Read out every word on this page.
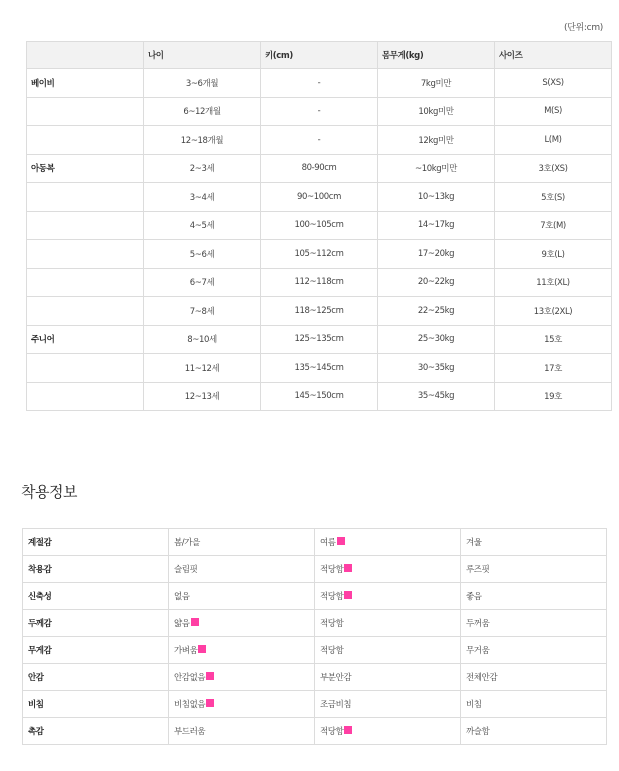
(단위:cm)
	나이	키(cm)	몸무게(kg)	사이즈
베이비	3~6개월	-	7kg미만	S(XS)
	6~12개월	-	10kg미만	M(S)
	12~18개월	-	12kg미만	L(M)
아동복	2~3세	80-90cm	~10kg미만	3호(XS)
	3~4세	90~100cm	10~13kg	5호(S)
	4~5세	100~105cm	14~17kg	7호(M)
	5~6세	105~112cm	17~20kg	9호(L)
	6~7세	112~118cm	20~22kg	11호(XL)
	7~8세	118~125cm	22~25kg	13호(2XL)
주니어	8~10세	125~135cm	25~30kg	15호
	11~12세	135~145cm	30~35kg	17호
	12~13세	145~150cm	35~45kg	19호
착용정보
계절감	봄/가을	여름	겨울
착용감	슬림핏	적당함	루즈핏
신축성	없음	적당함	좋음
두께감	얇음	적당함	두꺼움
무게감	가벼움	적당함	무거움
안감	안감없음	부분안감	전체안감
비침	비침없음	조금비침	비침
촉감	부드러움	적당함	까슬함
